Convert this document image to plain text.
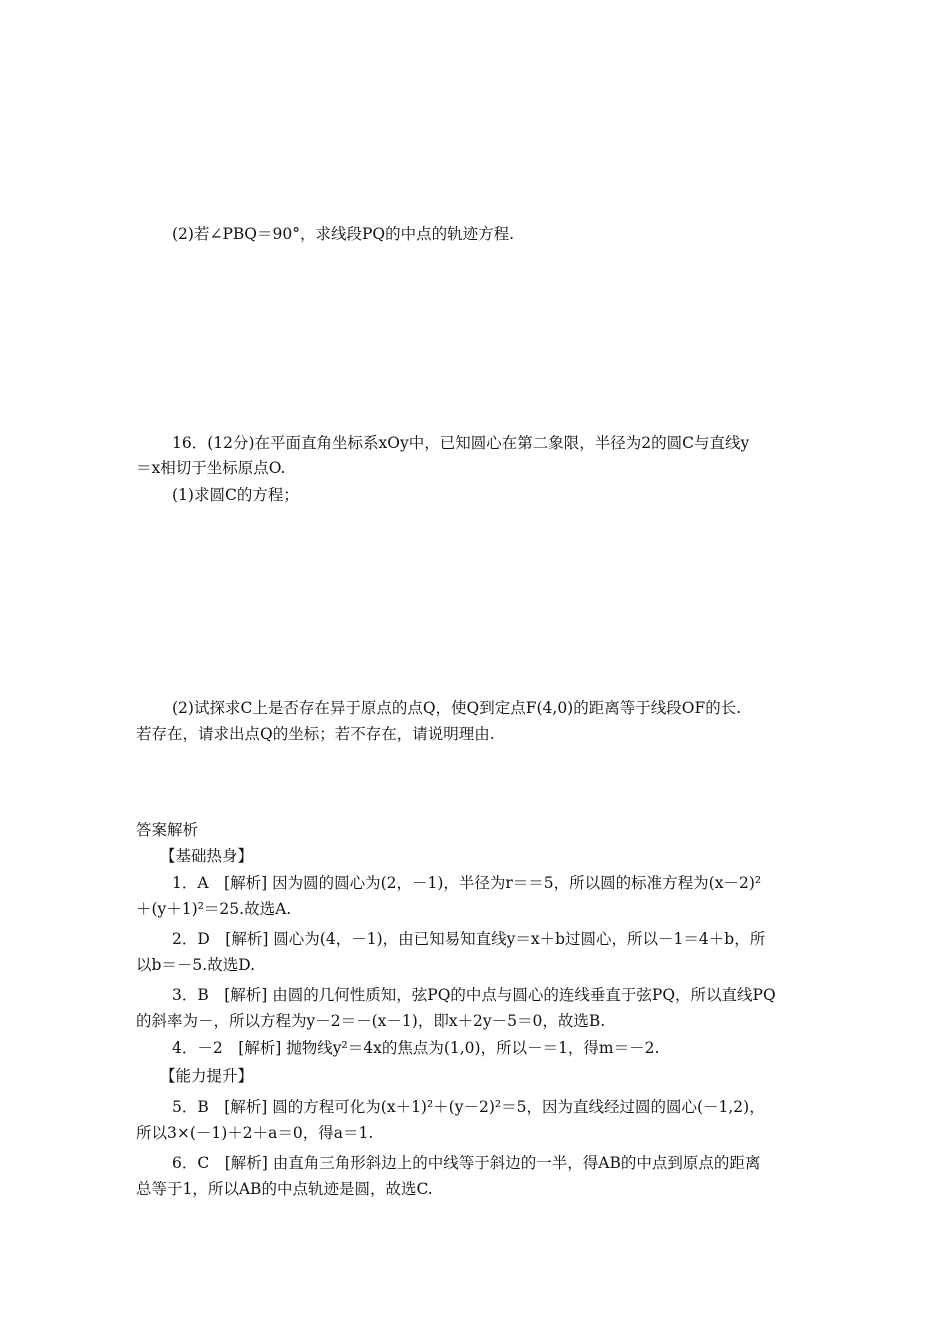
(2)若∠PBQ＝90°，求线段PQ的中点的轨迹方程.
16．(12分)在平面直角坐标系xOy中，已知圆心在第二象限，半径为2的圆C与直线y
＝x相切于坐标原点O.
(1)求圆C的方程；
(2)试探求C上是否存在异于原点的点Q，使Q到定点F(4,0)的距离等于线段OF的长.
若存在，请求出点Q的坐标；若不存在，请说明理由.
答案解析
【基础热身】
1．A　[解析] 因为圆的圆心为(2，－1)，半径为r＝＝5，所以圆的标准方程为(x－2)²
＋(y＋1)²＝25.故选A.
2．D　[解析] 圆心为(4，－1)，由已知易知直线y＝x＋b过圆心，所以－1＝4＋b，所
以b＝－5.故选D.
3．B　[解析] 由圆的几何性质知，弦PQ的中点与圆心的连线垂直于弦PQ，所以直线PQ
的斜率为－，所以方程为y－2＝－(x－1)，即x＋2y－5＝0，故选B.
4．－2　[解析] 抛物线y²＝4x的焦点为(1,0)，所以－＝1，得m＝－2.
【能力提升】
5．B　[解析] 圆的方程可化为(x＋1)²＋(y－2)²＝5，因为直线经过圆的圆心(－1,2)，
所以3×(－1)＋2＋a＝0，得a＝1.
6．C　[解析] 由直角三角形斜边上的中线等于斜边的一半，得AB的中点到原点的距离
总等于1，所以AB的中点轨迹是圆，故选C.
